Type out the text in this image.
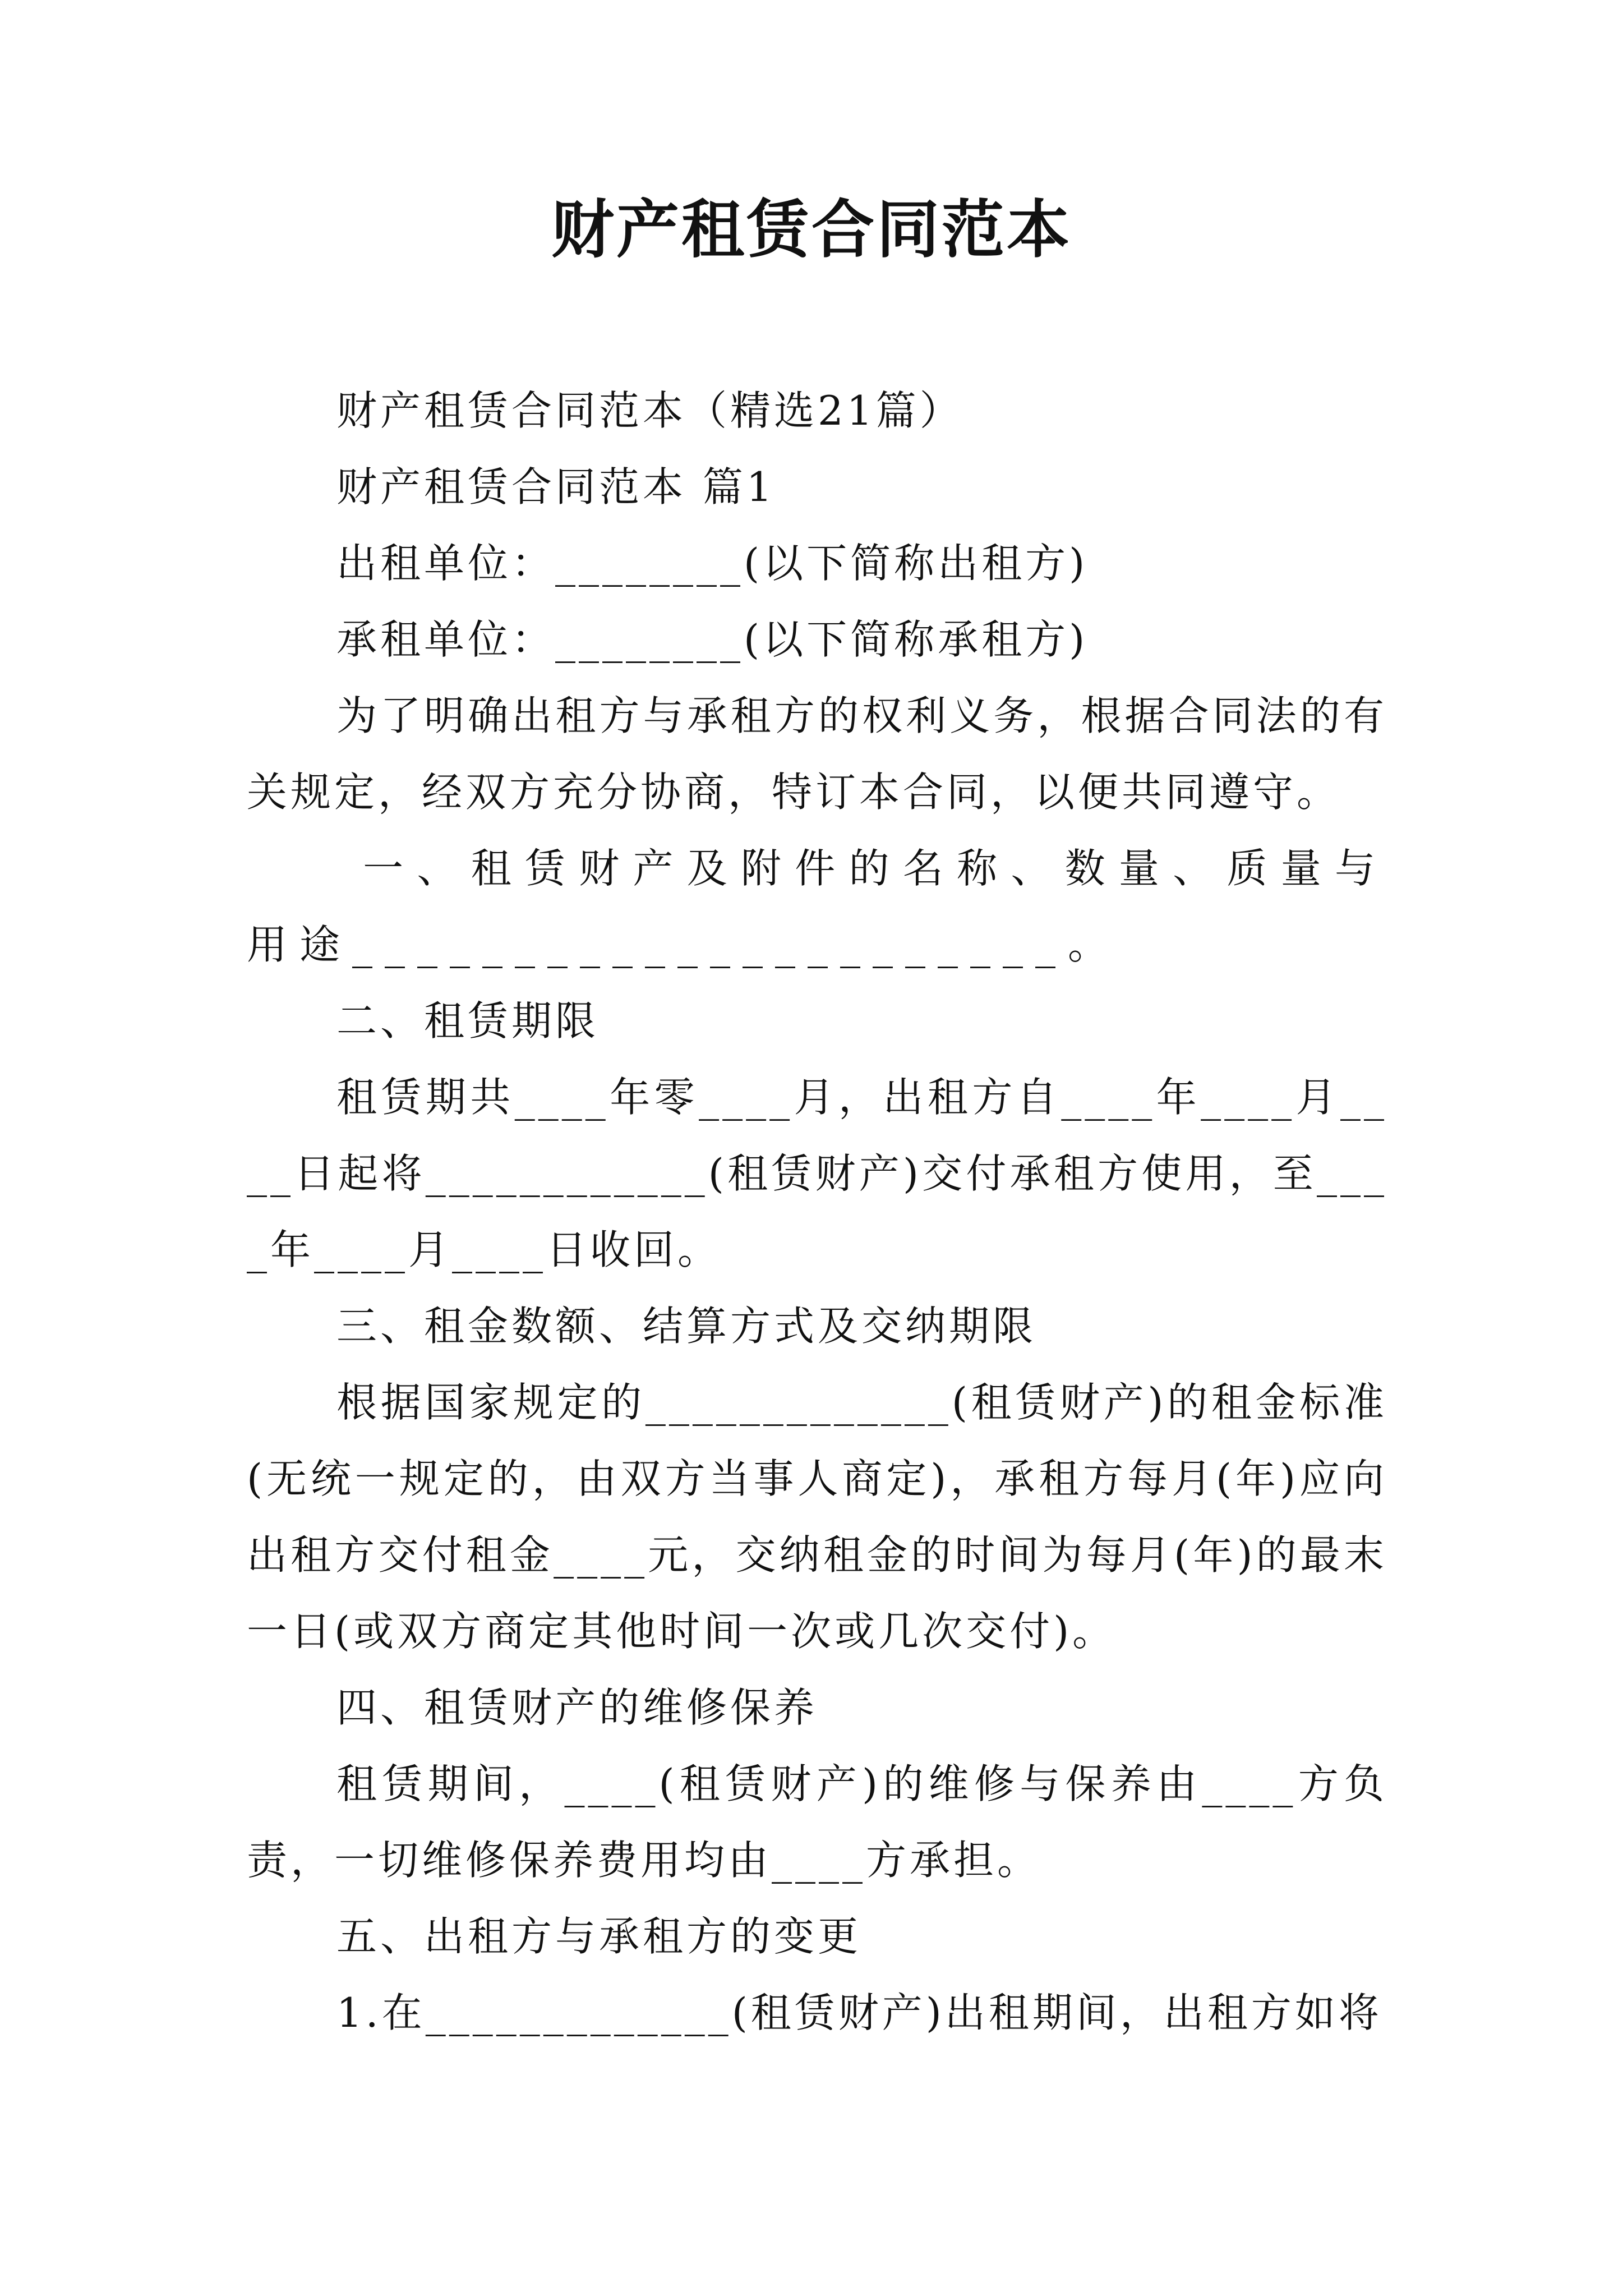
财产租赁合同范本

财产租赁合同范本（精选21篇）

财产租赁合同范本 篇1

出租单位：________(以下简称出租方)

承租单位：________(以下简称承租方)

为了明确出租方与承租方的权利义务，根据合同法的有关规定，经双方充分协商，特订本合同，以便共同遵守。

一、租赁财产及附件的名称、数量、质量与用途______________________。

二、租赁期限

租赁期共____年零____月，出租方自____年____月____日起将____________(租赁财产)交付承租方使用，至____年____月____日收回。

三、租金数额、结算方式及交纳期限

根据国家规定的_____________(租赁财产)的租金标准(无统一规定的，由双方当事人商定)，承租方每月(年)应向出租方交付租金____元，交纳租金的时间为每月(年)的最末一日(或双方商定其他时间一次或几次交付)。

四、租赁财产的维修保养

租赁期间，____(租赁财产)的维修与保养由____方负责，一切维修保养费用均由____方承担。

五、出租方与承租方的变更

1.在_____________(租赁财产)出租期间，出租方如将
